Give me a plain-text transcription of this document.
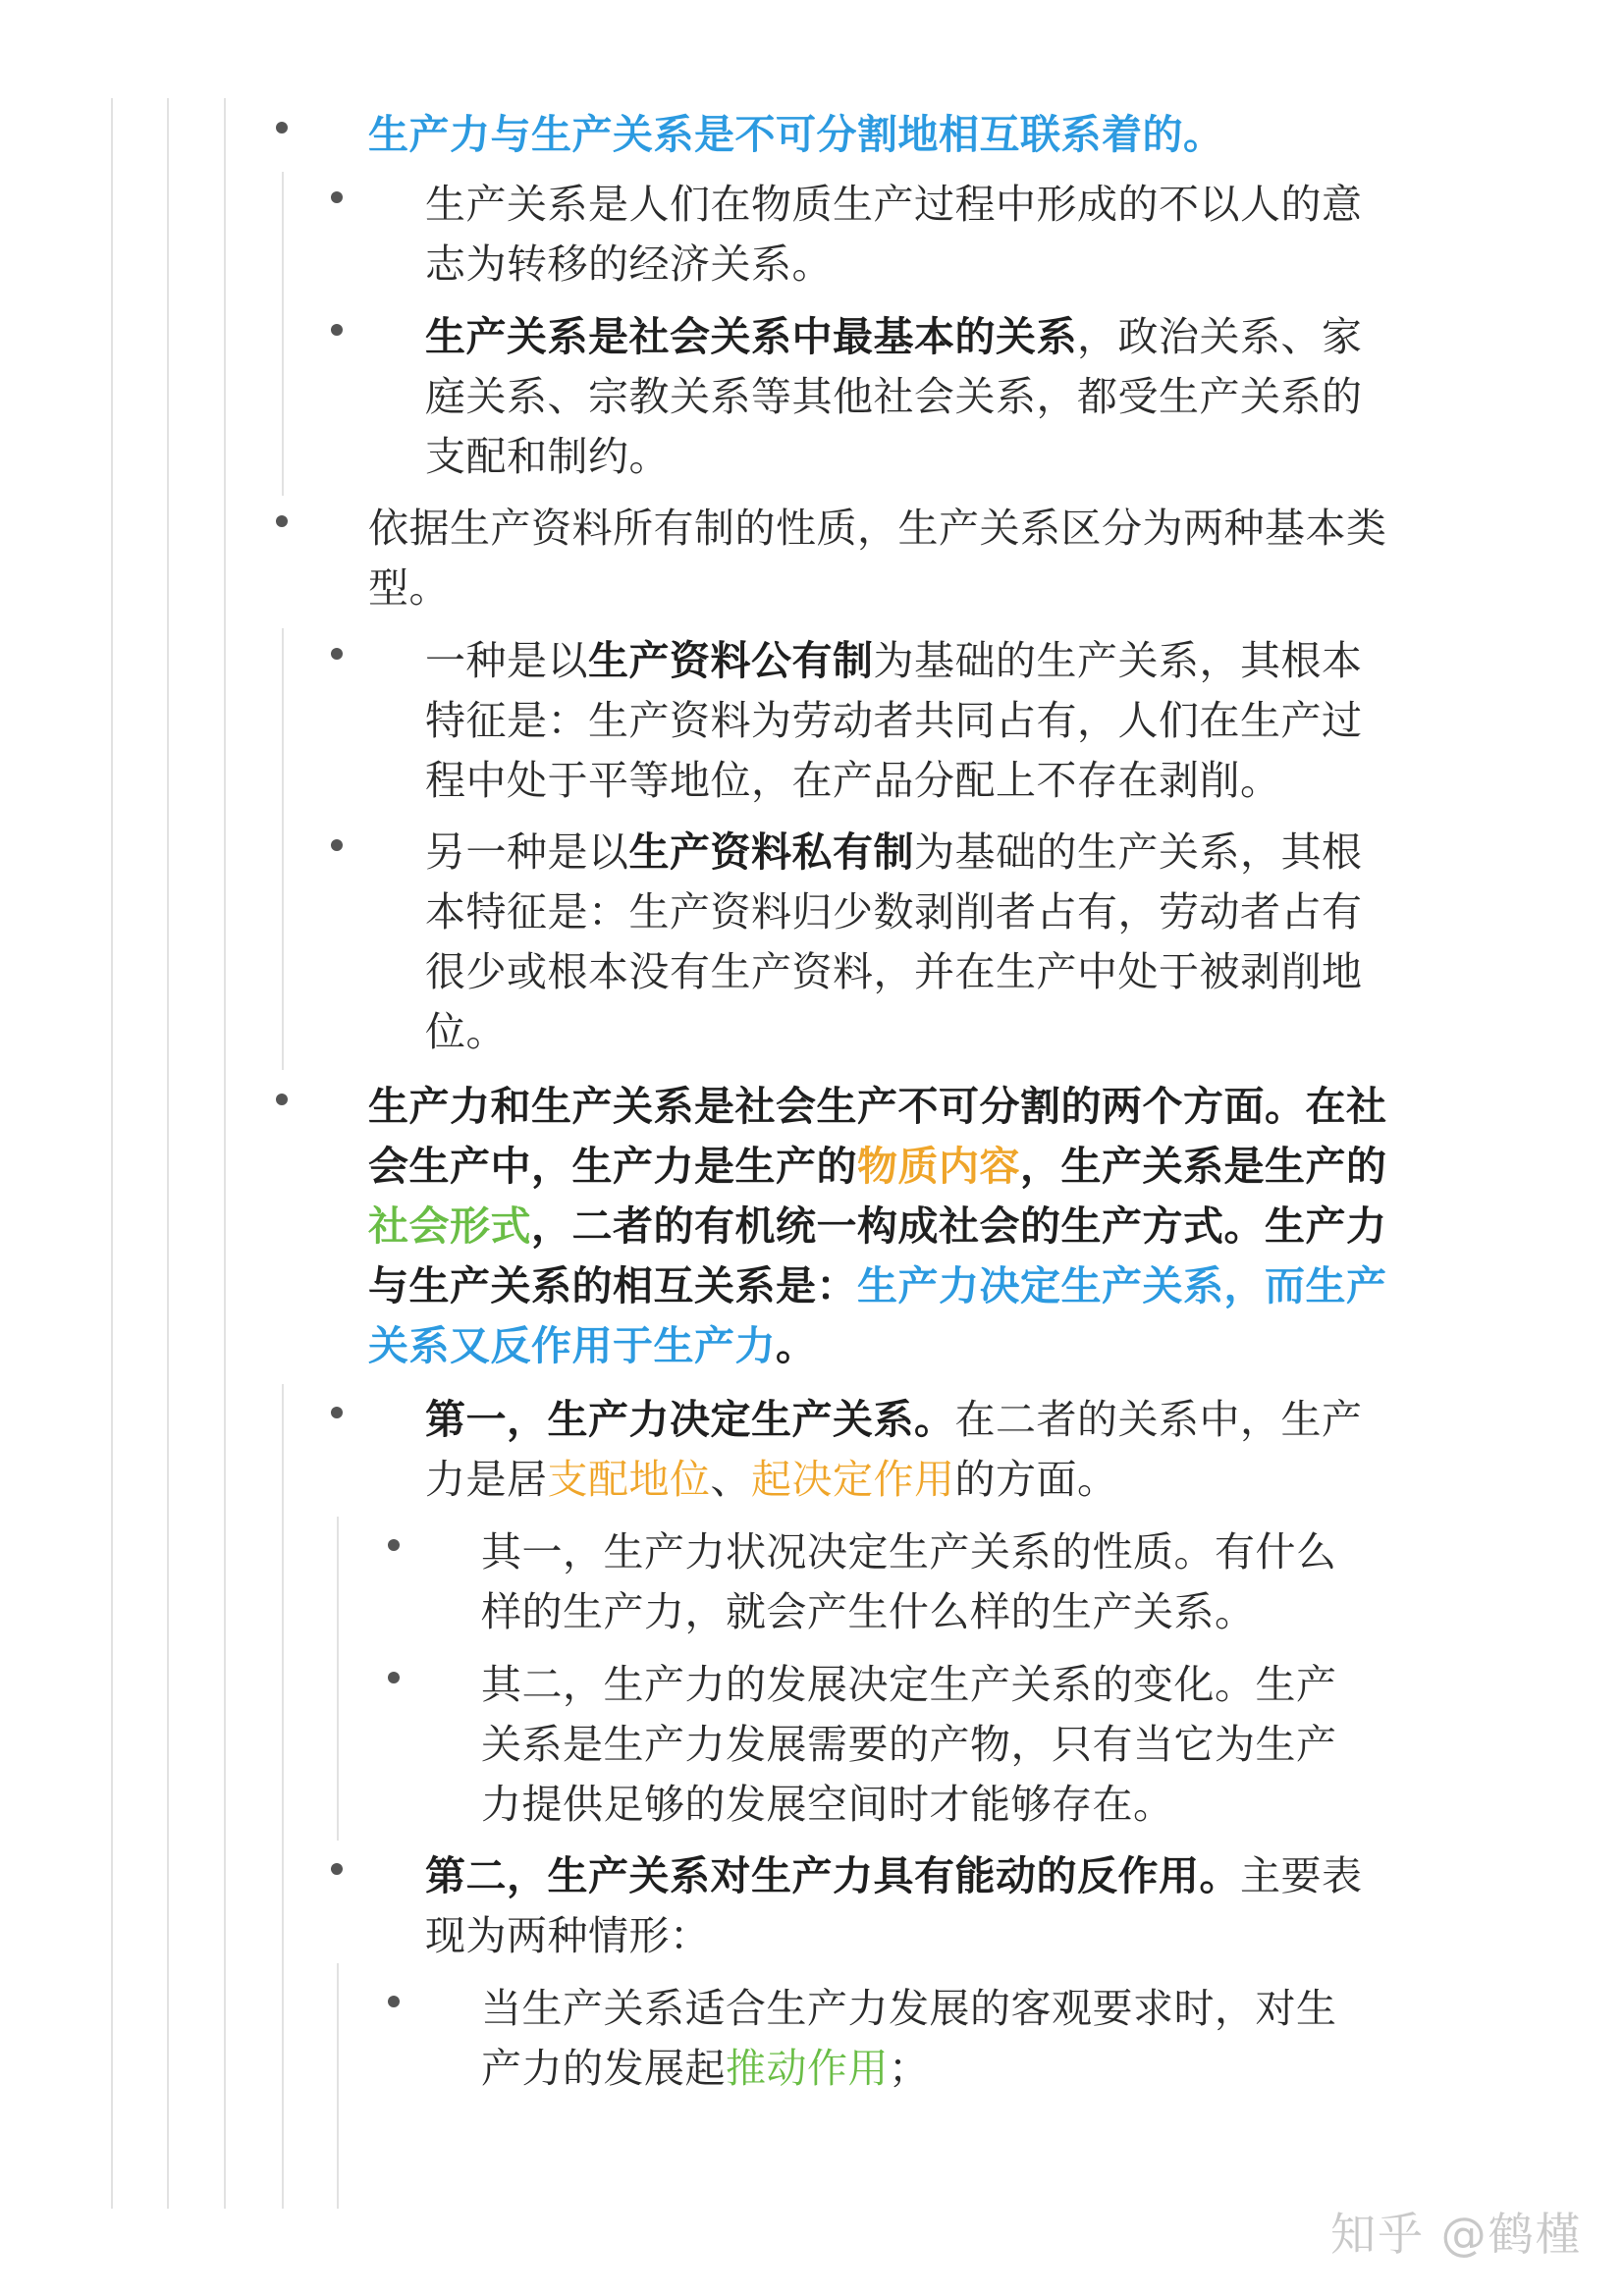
生产力与生产关系是不可分割地相互联系着的。
生产关系是人们在物质生产过程中形成的不以人的意志为转移的经济关系。
生产关系是社会关系中最基本的关系，政治关系、家庭关系、宗教关系等其他社会关系，都受生产关系的支配和制约。
依据生产资料所有制的性质，生产关系区分为两种基本类型。
一种是以生产资料公有制为基础的生产关系，其根本特征是：生产资料为劳动者共同占有，人们在生产过程中处于平等地位，在产品分配上不存在剥削。
另一种是以生产资料私有制为基础的生产关系，其根本特征是：生产资料归少数剥削者占有，劳动者占有很少或根本没有生产资料，并在生产中处于被剥削地位。
生产力和生产关系是社会生产不可分割的两个方面。在社会生产中，生产力是生产的物质内容，生产关系是生产的社会形式，二者的有机统一构成社会的生产方式。生产力与生产关系的相互关系是：生产力决定生产关系，而生产关系又反作用于生产力。
第一，生产力决定生产关系。在二者的关系中，生产力是居支配地位、起决定作用的方面。
其一，生产力状况决定生产关系的性质。有什么样的生产力，就会产生什么样的生产关系。
其二，生产力的发展决定生产关系的变化。生产关系是生产力发展需要的产物，只有当它为生产力提供足够的发展空间时才能够存在。
第二，生产关系对生产力具有能动的反作用。主要表现为两种情形：
当生产关系适合生产力发展的客观要求时，对生产力的发展起推动作用；
知乎 @鹤槿
